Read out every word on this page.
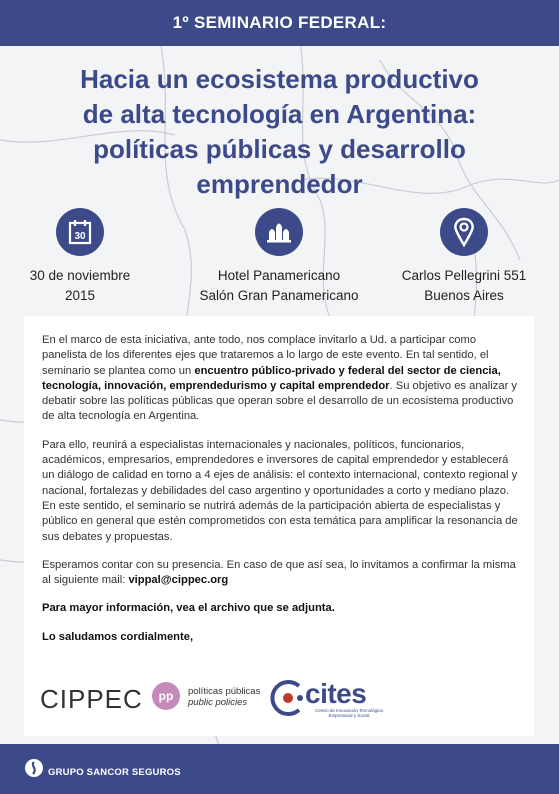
1º SEMINARIO FEDERAL:
Hacia un ecosistema productivo
de alta tecnología en Argentina:
políticas públicas y desarrollo
emprendedor
30
30 de noviembre
2015
Hotel Panamericano
Salón Gran Panamericano
Carlos Pellegrini 551
Buenos Aires

En el marco de esta iniciativa, ante todo, nos complace invitarlo a Ud. a participar como panelista de los diferentes ejes que trataremos a lo largo de este evento. En tal sentido, el seminario se plantea como un encuentro público-privado y federal del sector de ciencia, tecnología, innovación, emprendedurismo y capital emprendedor. Su objetivo es analizar y debatir sobre las políticas públicas que operan sobre el desarrollo de un ecosistema productivo de alta tecnología en Argentina.

Para ello, reunirá a especialistas internacionales y nacionales, políticos, funcionarios, académicos, empresarios, emprendedores e inversores de capital emprendedor y establecerá un diálogo de calidad en torno a 4 ejes de análisis: el contexto internacional, contexto regional y nacional, fortalezas y debilidades del caso argentino y oportunidades a corto y mediano plazo. En este sentido, el seminario se nutrirá además de la participación abierta de especialistas y público en general que estén comprometidos con esta temática para amplificar la resonancia de sus debates y propuestas.

Esperamos contar con su presencia. En caso de que así sea, lo invitamos a confirmar la misma al siguiente mail: vippal@cippec.org

Para mayor información, vea el archivo que se adjunta.

Lo saludamos cordialmente,

CIPPEC	pp	políticas públicas
public policies	cites
Centro de Innovación Tecnológica Empresarial y Social
GRUPO SANCOR SEGUROS
